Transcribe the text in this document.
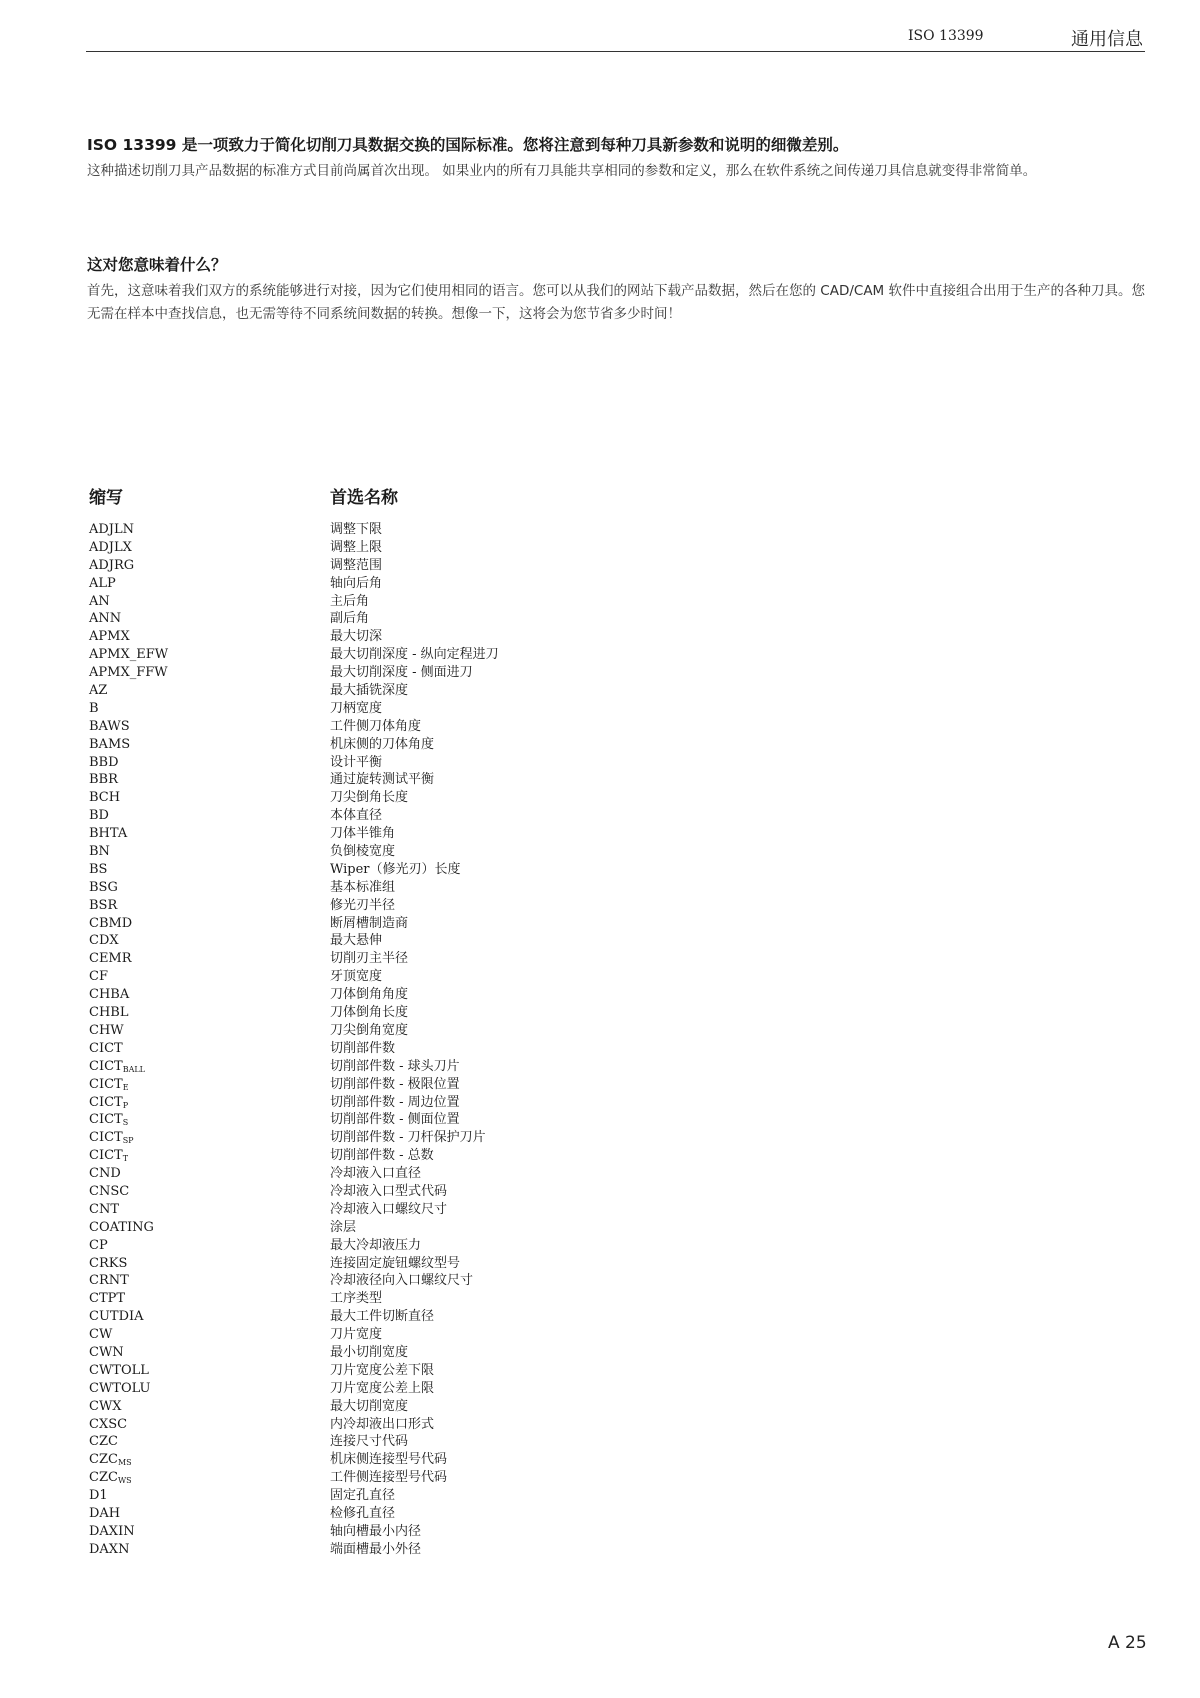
ISO 13399	通用信息
ISO 13399 是一项致力于简化切削刀具数据交换的国际标准。您将注意到每种刀具新参数和说明的细微差别。
这种描述切削刀具产品数据的标准方式目前尚属首次出现。 如果业内的所有刀具能共享相同的参数和定义，那么在软件系统之间传递刀具信息就变得非常简单。
这对您意味着什么？
首先，这意味着我们双方的系统能够进行对接，因为它们使用相同的语言。您可以从我们的网站下载产品数据，然后在您的 CAD/CAM 软件中直接组合出用于生产的各种刀具。您无需在样本中查找信息，也无需等待不同系统间数据的转换。想像一下，这将会为您节省多少时间！
缩写	首选名称
ADJLN	调整下限
ADJLX	调整上限
ADJRG	调整范围
ALP	轴向后角
AN	主后角
ANN	副后角
APMX	最大切深
APMX_EFW	最大切削深度 - 纵向定程进刀
APMX_FFW	最大切削深度 - 侧面进刀
AZ	最大插铣深度
B	刀柄宽度
BAWS	工件侧刀体角度
BAMS	机床侧的刀体角度
BBD	设计平衡
BBR	通过旋转测试平衡
BCH	刀尖倒角长度
BD	本体直径
BHTA	刀体半锥角
BN	负倒棱宽度
BS	Wiper（修光刃）长度
BSG	基本标准组
BSR	修光刃半径
CBMD	断屑槽制造商
CDX	最大悬伸
CEMR	切削刃主半径
CF	牙顶宽度
CHBA	刀体倒角角度
CHBL	刀体倒角长度
CHW	刀尖倒角宽度
CICT	切削部件数
$CICT_{BALL}$	切削部件数 - 球头刀片
$CICT_E$	切削部件数 - 极限位置
$CICT_P$	切削部件数 - 周边位置
$CICT_S$	切削部件数 - 侧面位置
$CICT_{SP}$	切削部件数 - 刀杆保护刀片
$CICT_T$	切削部件数 - 总数
CND	冷却液入口直径
CNSC	冷却液入口型式代码
CNT	冷却液入口螺纹尺寸
COATING	涂层
CP	最大冷却液压力
CRKS	连接固定旋钮螺纹型号
CRNT	冷却液径向入口螺纹尺寸
CTPT	工序类型
CUTDIA	最大工件切断直径
CW	刀片宽度
CWN	最小切削宽度
CWTOLL	刀片宽度公差下限
CWTOLU	刀片宽度公差上限
CWX	最大切削宽度
CXSC	内冷却液出口形式
CZC	连接尺寸代码
$CZC_{MS}$	机床侧连接型号代码
$CZC_{WS}$	工件侧连接型号代码
D1	固定孔直径
DAH	检修孔直径
DAXIN	轴向槽最小内径
DAXN	端面槽最小外径
A 25
